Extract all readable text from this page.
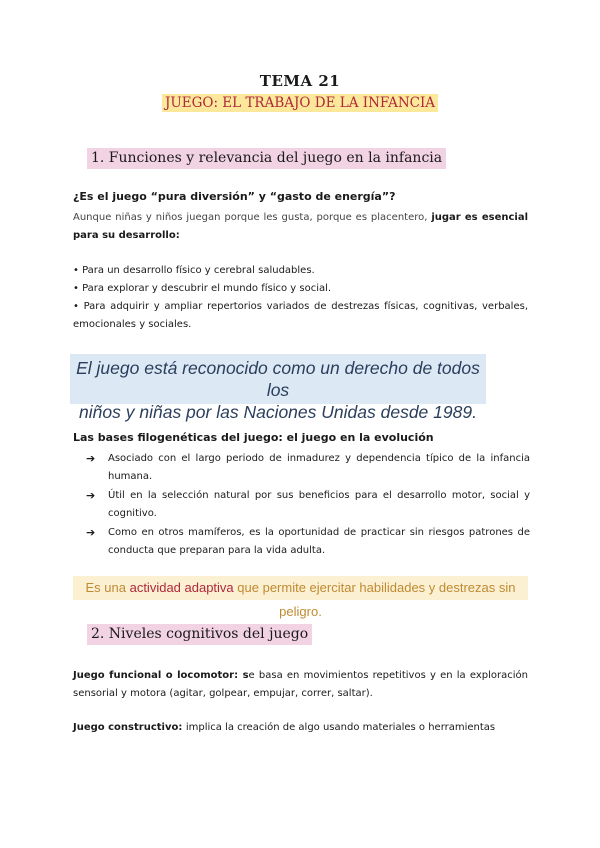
TEMA 21
JUEGO: EL TRABAJO DE LA INFANCIA
1. Funciones y relevancia del juego en la infancia
¿Es el juego “pura diversión” y “gasto de energía”?
Aunque niñas y niños juegan porque les gusta, porque es placentero, jugar es esencial para su desarrollo:
• Para un desarrollo físico y cerebral saludables.
• Para explorar y descubrir el mundo físico y social.
• Para adquirir y ampliar repertorios variados de destrezas físicas, cognitivas, verbales, emocionales y sociales.
El juego está reconocido como un derecho de todos los
niños y niñas por las Naciones Unidas desde 1989.
Las bases filogenéticas del juego: el juego en la evolución
➔	Asociado con el largo periodo de inmadurez y dependencia típico de la infancia humana.
➔	Útil en la selección natural por sus beneficios para el desarrollo motor, social y cognitivo.
➔	Como en otros mamíferos, es la oportunidad de practicar sin riesgos patrones de conducta que preparan para la vida adulta.
Es una actividad adaptiva que permite ejercitar habilidades y destrezas sin peligro.
2. Niveles cognitivos del juego
Juego funcional o locomotor: se basa en movimientos repetitivos y en la exploración sensorial y motora (agitar, golpear, empujar, correr, saltar).
Juego constructivo: implica la creación de algo usando materiales o herramientas
